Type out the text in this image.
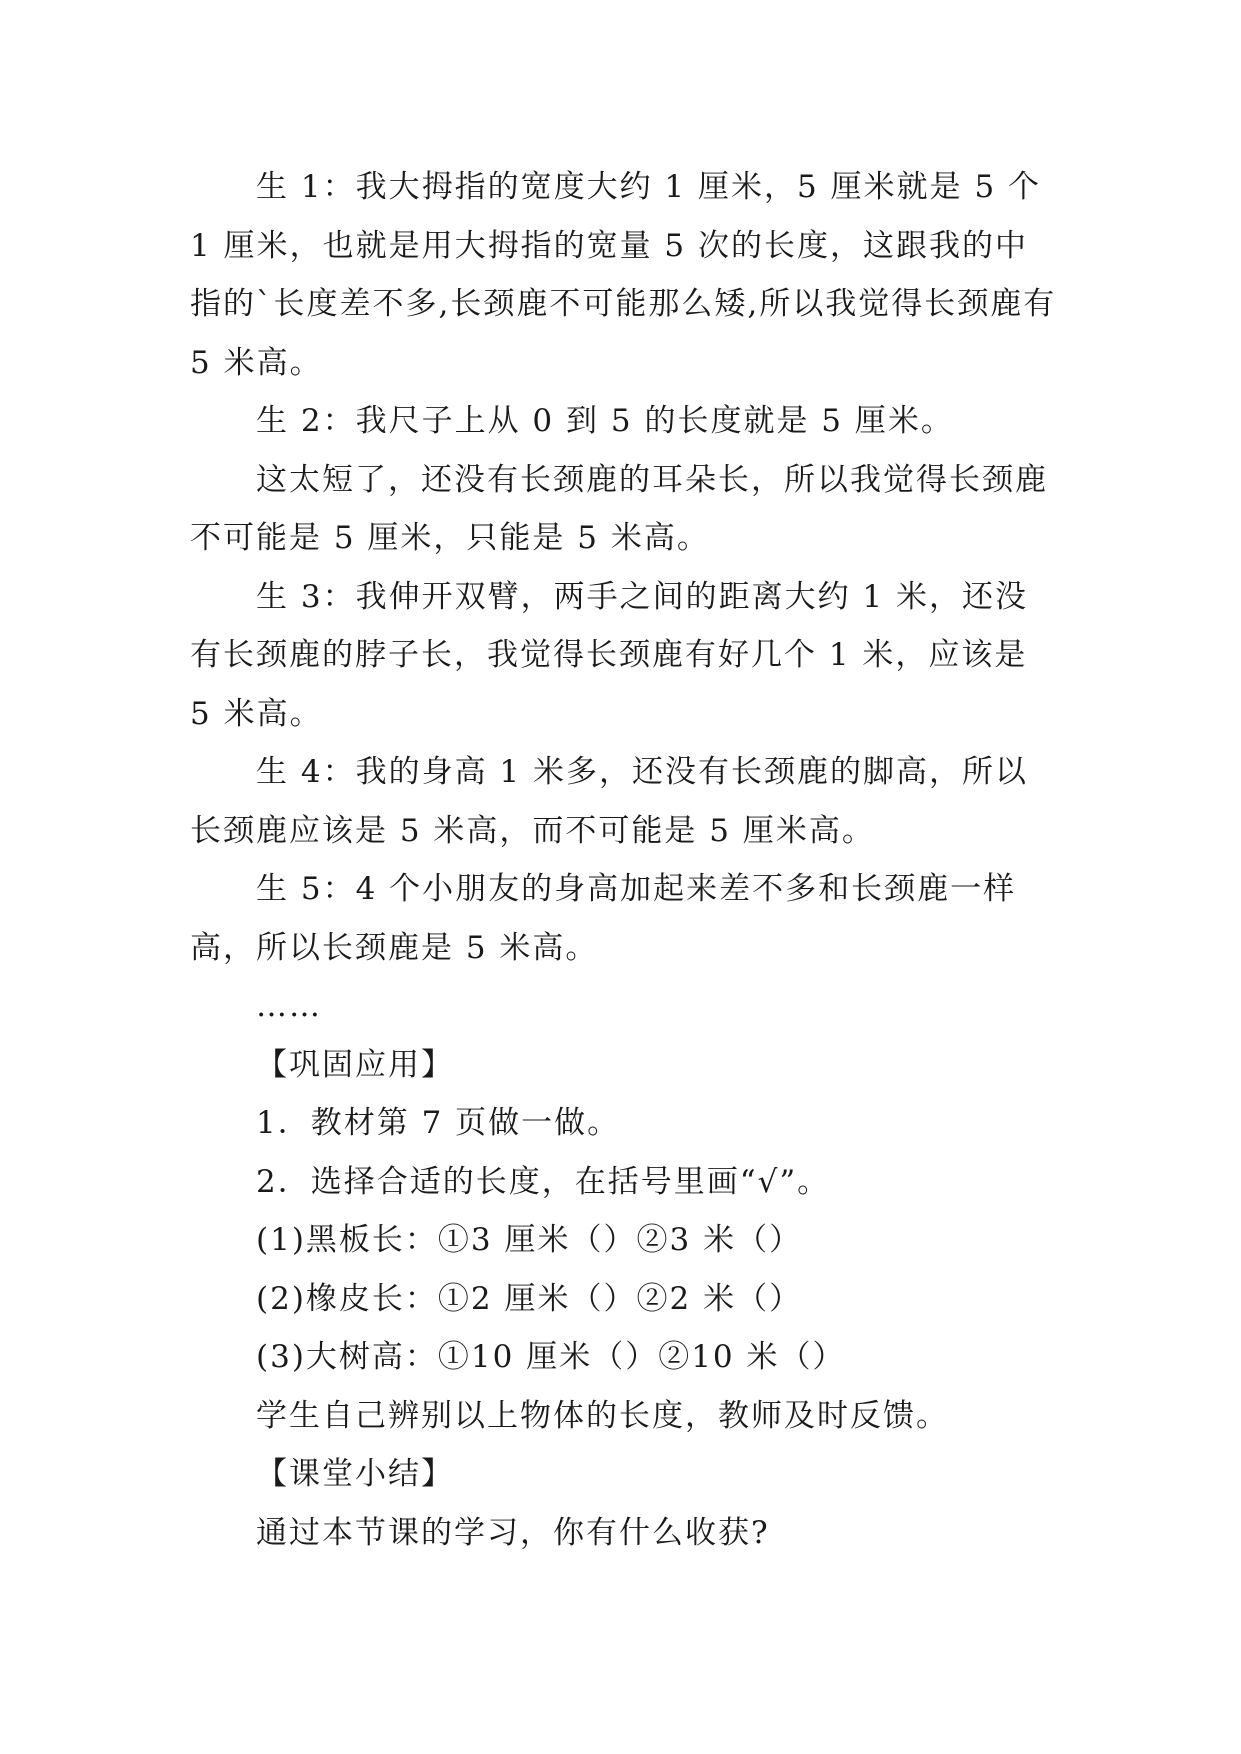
生 1：我大拇指的宽度大约 1 厘米，5 厘米就是 5 个 1 厘米，也就是用大拇指的宽量 5 次的长度，这跟我的中指的`长度差不多,长颈鹿不可能那么矮,所以我觉得长颈鹿有 5 米高。

生 2：我尺子上从 0 到 5 的长度就是 5 厘米。

这太短了，还没有长颈鹿的耳朵长，所以我觉得长颈鹿不可能是 5 厘米，只能是 5 米高。

生 3：我伸开双臂，两手之间的距离大约 1 米，还没有长颈鹿的脖子长，我觉得长颈鹿有好几个 1 米，应该是 5 米高。

生 4：我的身高 1 米多，还没有长颈鹿的脚高，所以长颈鹿应该是 5 米高，而不可能是 5 厘米高。

生 5：4 个小朋友的身高加起来差不多和长颈鹿一样高，所以长颈鹿是 5 米高。

……

【巩固应用】

1．教材第 7 页做一做。

2．选择合适的长度，在括号里画“√”。

(1)黑板长：①3 厘米（）②3 米（）

(2)橡皮长：①2 厘米（）②2 米（）

(3)大树高：①10 厘米（）②10 米（）

学生自己辨别以上物体的长度，教师及时反馈。

【课堂小结】

通过本节课的学习，你有什么收获?
